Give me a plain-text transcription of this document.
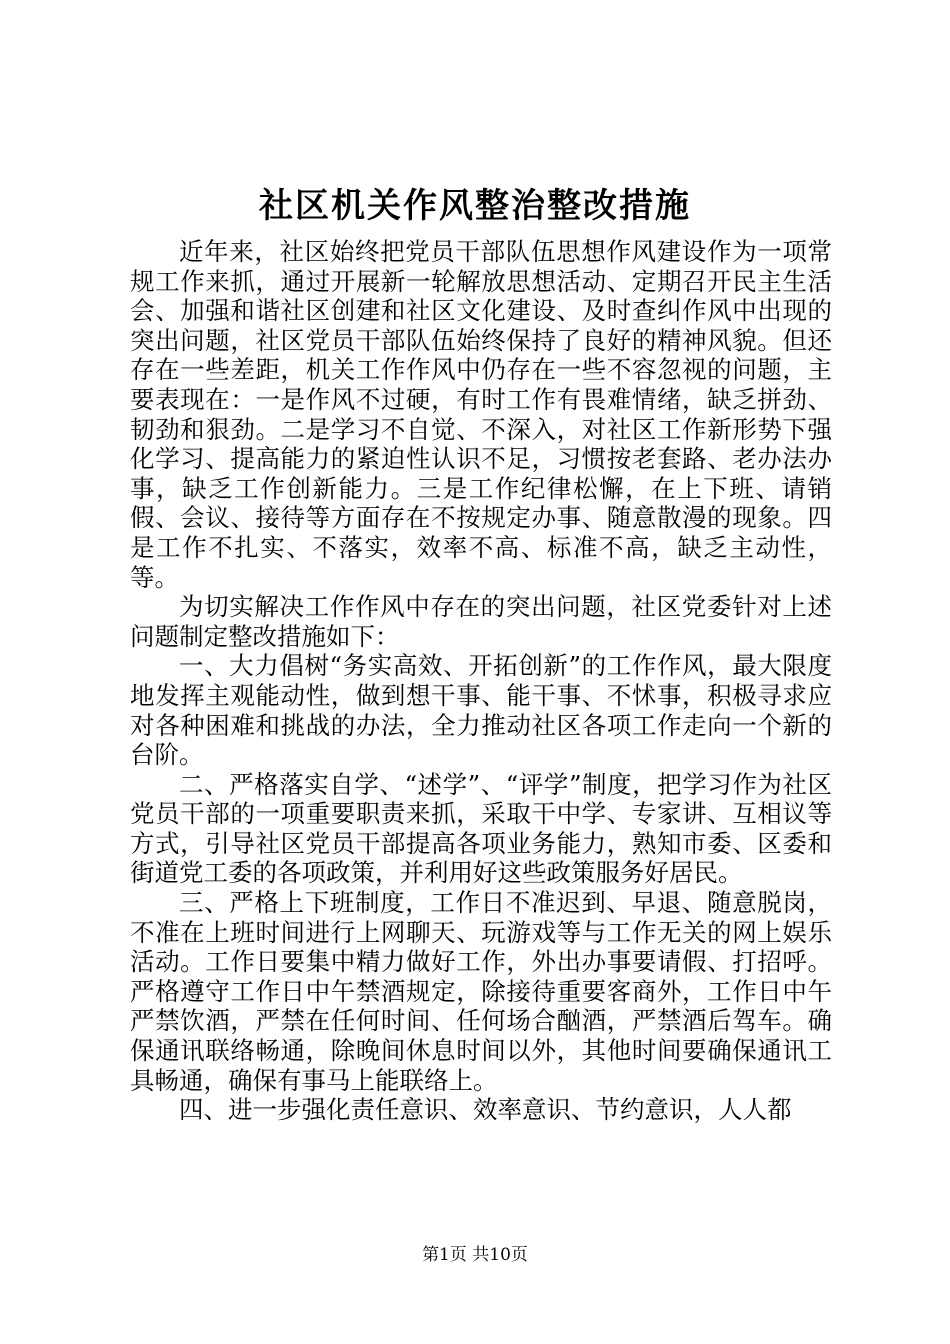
社区机关作风整治整改措施

近年来，社区始终把党员干部队伍思想作风建设作为一项常规工作来抓，通过开展新一轮解放思想活动、定期召开民主生活会、加强和谐社区创建和社区文化建设、及时查纠作风中出现的突出问题，社区党员干部队伍始终保持了良好的精神风貌。但还存在一些差距，机关工作作风中仍存在一些不容忽视的问题，主要表现在：一是作风不过硬，有时工作有畏难情绪，缺乏拼劲、韧劲和狠劲。二是学习不自觉、不深入，对社区工作新形势下强化学习、提高能力的紧迫性认识不足，习惯按老套路、老办法办事，缺乏工作创新能力。三是工作纪律松懈，在上下班、请销假、会议、接待等方面存在不按规定办事、随意散漫的现象。四是工作不扎实、不落实，效率不高、标准不高，缺乏主动性，等。

为切实解决工作作风中存在的突出问题，社区党委针对上述问题制定整改措施如下：

一、大力倡树“务实高效、开拓创新”的工作作风，最大限度地发挥主观能动性，做到想干事、能干事、不怵事，积极寻求应对各种困难和挑战的办法，全力推动社区各项工作走向一个新的台阶。

二、严格落实自学、“述学”、“评学”制度，把学习作为社区党员干部的一项重要职责来抓，采取干中学、专家讲、互相议等方式，引导社区党员干部提高各项业务能力，熟知市委、区委和街道党工委的各项政策，并利用好这些政策服务好居民。

三、严格上下班制度，工作日不准迟到、早退、随意脱岗，不准在上班时间进行上网聊天、玩游戏等与工作无关的网上娱乐活动。工作日要集中精力做好工作，外出办事要请假、打招呼。严格遵守工作日中午禁酒规定，除接待重要客商外，工作日中午严禁饮酒，严禁在任何时间、任何场合酗酒，严禁酒后驾车。确保通讯联络畅通，除晚间休息时间以外，其他时间要确保通讯工具畅通，确保有事马上能联络上。

四、进一步强化责任意识、效率意识、节约意识，人人都

第1页 共10页
